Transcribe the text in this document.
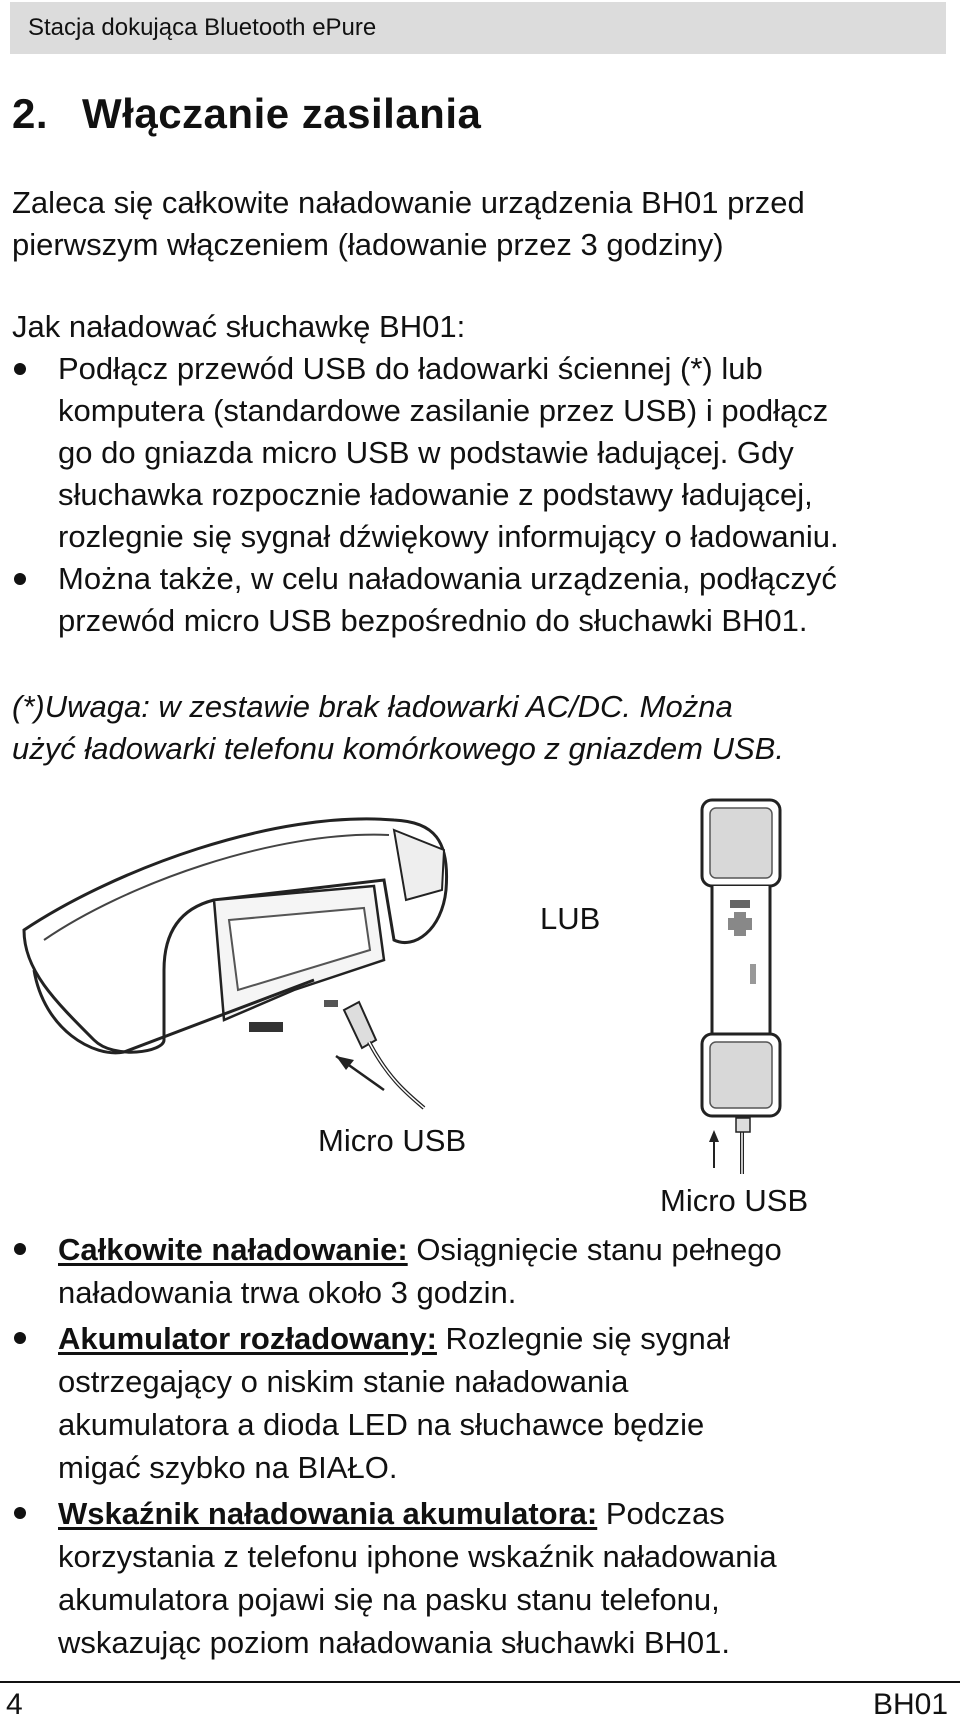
Stacja dokująca Bluetooth ePure
2. Włączanie zasilania

Zaleca się całkowite naładowanie urządzenia BH01 przed
pierwszym włączeniem (ładowanie przez 3 godziny)

Jak naładować słuchawkę BH01:

Podłącz przewód USB do ładowarki ściennej (*) lub
komputera (standardowe zasilanie przez USB) i podłącz
go do gniazda micro USB w podstawie ładującej. Gdy
słuchawka rozpocznie ładowanie z podstawy ładującej,
rozlegnie się sygnał dźwiękowy informujący o ładowaniu.
Można także, w celu naładowania urządzenia, podłączyć
przewód micro USB bezpośrednio do słuchawki BH01.

(*)Uwaga: w zestawie brak ładowarki AC/DC. Można
użyć ładowarki telefonu komórkowego z gniazdem USB.

LUB
Micro USB
Micro USB
Całkowite naładowanie: Osiągnięcie stanu pełnego
naładowania trwa około 3 godzin.
Akumulator rozładowany: Rozlegnie się sygnał
ostrzegający o niskim stanie naładowania
akumulatora a dioda LED na słuchawce będzie
migać szybko na BIAŁO.
Wskaźnik naładowania akumulatora: Podczas
korzystania z telefonu iphone wskaźnik naładowania
akumulatora pojawi się na pasku stanu telefonu,
wskazując poziom naładowania słuchawki BH01.
4	BH01
